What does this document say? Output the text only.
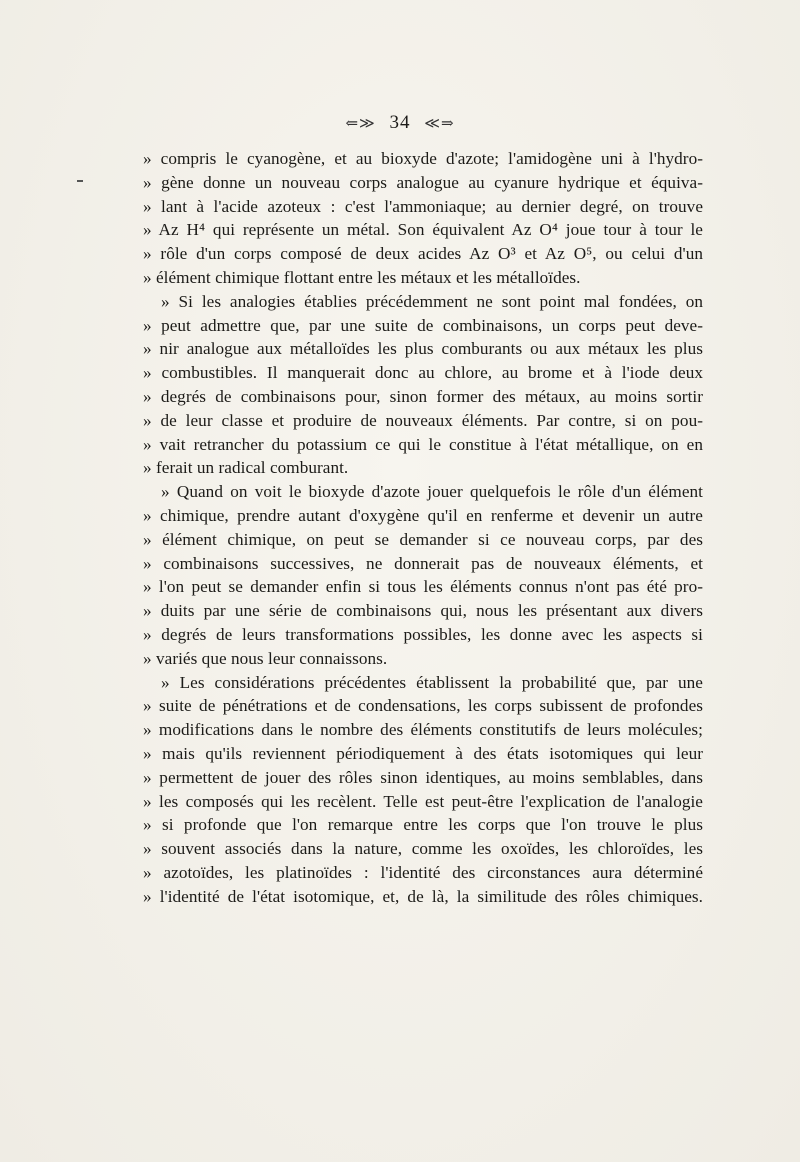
⇐≫ 34 ≪⇒
» compris le cyanogène, et au bioxyde d'azote; l'amidogène uni à l'hydro-
» gène donne un nouveau corps analogue au cyanure hydrique et équiva-
» lant à l'acide azoteux : c'est l'ammoniaque; au dernier degré, on trouve
» Az H⁴ qui représente un métal. Son équivalent Az O⁴ joue tour à tour le
» rôle d'un corps composé de deux acides Az O³ et Az O⁵, ou celui d'un
» élément chimique flottant entre les métaux et les métalloïdes.
» Si les analogies établies précédemment ne sont point mal fondées, on
» peut admettre que, par une suite de combinaisons, un corps peut deve-
» nir analogue aux métalloïdes les plus comburants ou aux métaux les plus
» combustibles. Il manquerait donc au chlore, au brome et à l'iode deux
» degrés de combinaisons pour, sinon former des métaux, au moins sortir
» de leur classe et produire de nouveaux éléments. Par contre, si on pou-
» vait retrancher du potassium ce qui le constitue à l'état métallique, on en
» ferait un radical comburant.
» Quand on voit le bioxyde d'azote jouer quelquefois le rôle d'un élément
» chimique, prendre autant d'oxygène qu'il en renferme et devenir un autre
» élément chimique, on peut se demander si ce nouveau corps, par des
» combinaisons successives, ne donnerait pas de nouveaux éléments, et
» l'on peut se demander enfin si tous les éléments connus n'ont pas été pro-
» duits par une série de combinaisons qui, nous les présentant aux divers
» degrés de leurs transformations possibles, les donne avec les aspects si
» variés que nous leur connaissons.
» Les considérations précédentes établissent la probabilité que, par une
» suite de pénétrations et de condensations, les corps subissent de profondes
» modifications dans le nombre des éléments constitutifs de leurs molécules;
» mais qu'ils reviennent périodiquement à des états isotomiques qui leur
» permettent de jouer des rôles sinon identiques, au moins semblables, dans
» les composés qui les recèlent. Telle est peut-être l'explication de l'analogie
» si profonde que l'on remarque entre les corps que l'on trouve le plus
» souvent associés dans la nature, comme les oxoïdes, les chloroïdes, les
» azotoïdes, les platinoïdes : l'identité des circonstances aura déterminé
» l'identité de l'état isotomique, et, de là, la similitude des rôles chimiques.
